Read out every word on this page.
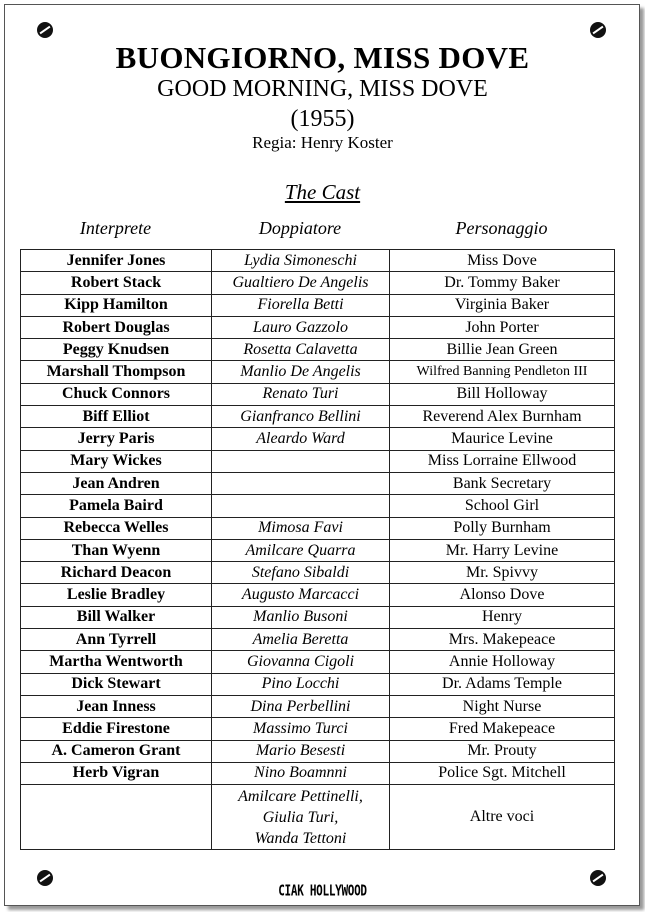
BUONGIORNO, MISS DOVE
GOOD MORNING, MISS DOVE
(1955)
Regia: Henry Koster
The Cast
Interprete	Doppiatore	Personaggio
Jennifer Jones	Lydia Simoneschi	Miss Dove
Robert Stack	Gualtiero De Angelis	Dr. Tommy Baker
Kipp Hamilton	Fiorella Betti	Virginia Baker
Robert Douglas	Lauro Gazzolo	John Porter
Peggy Knudsen	Rosetta Calavetta	Billie Jean Green
Marshall Thompson	Manlio De Angelis	Wilfred Banning Pendleton III
Chuck Connors	Renato Turi	Bill Holloway
Biff Elliot	Gianfranco Bellini	Reverend Alex Burnham
Jerry Paris	Aleardo Ward	Maurice Levine
Mary Wickes		Miss Lorraine Ellwood
Jean Andren		Bank Secretary
Pamela Baird		School Girl
Rebecca Welles	Mimosa Favi	Polly Burnham
Than Wyenn	Amilcare Quarra	Mr. Harry Levine
Richard Deacon	Stefano Sibaldi	Mr. Spivvy
Leslie Bradley	Augusto Marcacci	Alonso Dove
Bill Walker	Manlio Busoni	Henry
Ann Tyrrell	Amelia Beretta	Mrs. Makepeace
Martha Wentworth	Giovanna Cigoli	Annie Holloway
Dick Stewart	Pino Locchi	Dr. Adams Temple
Jean Inness	Dina Perbellini	Night Nurse
Eddie Firestone	Massimo Turci	Fred Makepeace
A. Cameron Grant	Mario Besesti	Mr. Prouty
Herb Vigran	Nino Boamnni	Police Sgt. Mitchell

	Amilcare Pettinelli,
Giulia Turi,
Wanda Tettoni	Altre voci
CIAK HOLLYWOOD
